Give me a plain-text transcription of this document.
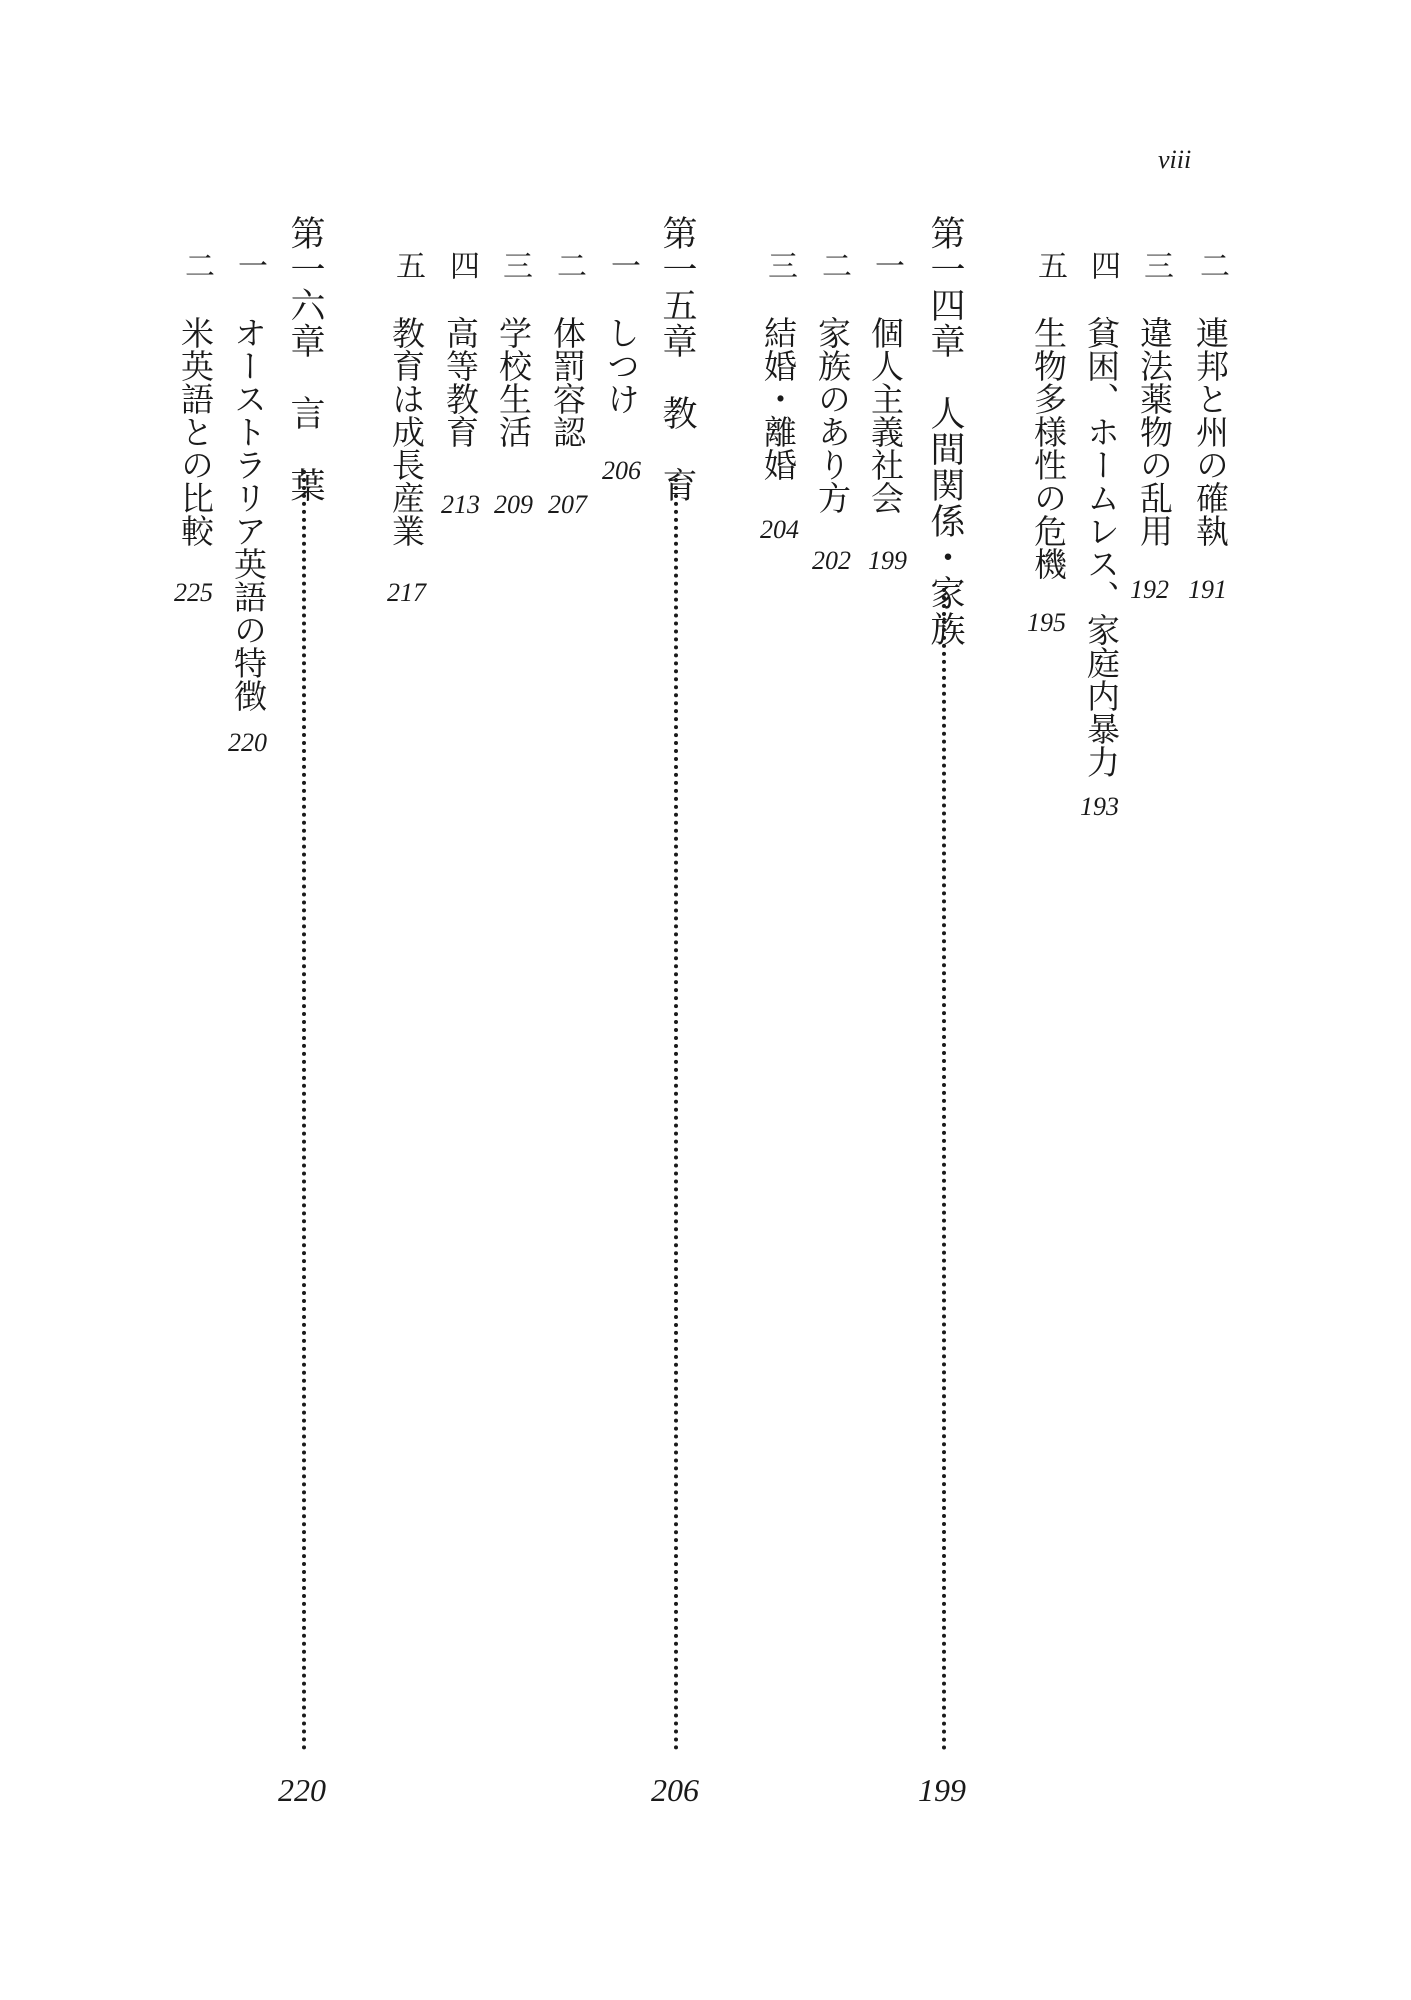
viii

二

連邦と州の確執

191

三

違法薬物の乱用

192

四

貧困、ホームレス、家庭内暴力

193

五

生物多様性の危機

195

第一四章　人間関係・家族

199

一

個人主義社会

199

二

家族のあり方

202

三

結婚・離婚

204

第一五章　教　育

206

一

しつけ

206

二

体罰容認

207

三

学校生活

209

四

高等教育

213

五

教育は成長産業

217

第一六章　言　葉

220

一

オーストラリア英語の特徴

220

二

米英語との比較

225
